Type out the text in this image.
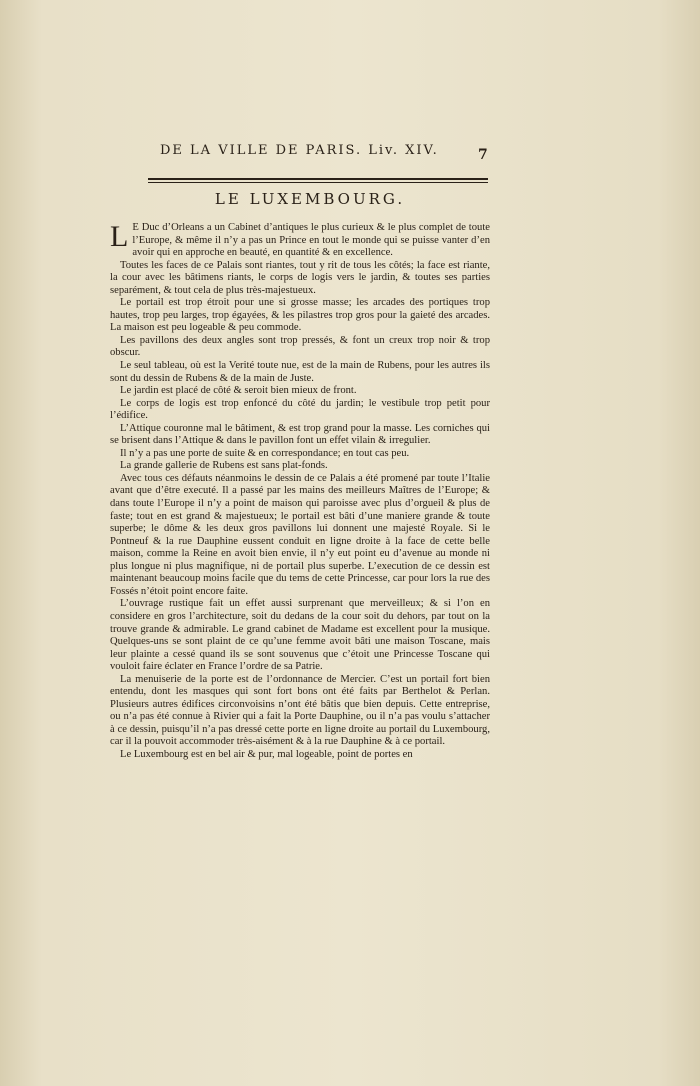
DE LA VILLE DE PARIS. Liv. XIV.	7
LE LUXEMBOURG.

L E Duc d’Orleans a un Cabinet d’antiques le plus curieux & le plus complet de toute l’Europe, & même il n’y a pas un Prince en tout le monde qui se puisse vanter d’en avoir qui en approche en beauté, en quantité & en excellence.

Toutes les faces de ce Palais sont riantes, tout y rit de tous les côtés; la face est riante, la cour avec les bâtimens riants, le corps de logis vers le jardin, & toutes ses parties separément, & tout cela de plus très-majestueux.

Le portail est trop étroit pour une si grosse masse; les arcades des portiques trop hautes, trop peu larges, trop égayées, & les pilastres trop gros pour la gaieté des arcades. La maison est peu logeable & peu commode.

Les pavillons des deux angles sont trop pressés, & font un creux trop noir & trop obscur.

Le seul tableau, où est la Verité toute nue, est de la main de Rubens, pour les autres ils sont du dessin de Rubens & de la main de Juste.

Le jardin est placé de côté & seroit bien mieux de front.

Le corps de logis est trop enfoncé du côté du jardin; le vestibule trop petit pour l’édifice.

L’Attique couronne mal le bâtiment, & est trop grand pour la masse. Les corniches qui se brisent dans l’Attique & dans le pavillon font un effet vilain & irregulier.

Il n’y a pas une porte de suite & en correspondance; en tout cas peu.

La grande gallerie de Rubens est sans plat-fonds.

Avec tous ces défauts néanmoins le dessin de ce Palais a été promené par toute l’Italie avant que d’être executé. Il a passé par les mains des meilleurs Maîtres de l’Europe; & dans toute l’Europe il n’y a point de maison qui paroisse avec plus d’orgueil & plus de faste; tout en est grand & majestueux; le portail est bâti d’une maniere grande & toute superbe; le dôme & les deux gros pavillons lui donnent une majesté Royale. Si le Pontneuf & la rue Dauphine eussent conduit en ligne droite à la face de cette belle maison, comme la Reine en avoit bien envie, il n’y eut point eu d’avenue au monde ni plus longue ni plus magnifique, ni de portail plus superbe. L’execution de ce dessin est maintenant beaucoup moins facile que du tems de cette Princesse, car pour lors la rue des Fossés n’étoit point encore faite.

L’ouvrage rustique fait un effet aussi surprenant que merveilleux; & si l’on en considere en gros l’architecture, soit du dedans de la cour soit du dehors, par tout on la trouve grande & admirable. Le grand cabinet de Madame est excellent pour la musique. Quelques-uns se sont plaint de ce qu’une femme avoit bâti une maison Toscane, mais leur plainte a cessé quand ils se sont souvenus que c’étoit une Princesse Toscane qui vouloit faire éclater en France l’ordre de sa Patrie.

La menuiserie de la porte est de l’ordonnance de Mercier. C’est un portail fort bien entendu, dont les masques qui sont fort bons ont été faits par Berthelot & Perlan. Plusieurs autres édifices circonvoisins n’ont été bâtis que bien depuis. Cette entreprise, ou n’a pas été connue à Rivier qui a fait la Porte Dauphine, ou il n’a pas voulu s’attacher à ce dessin, puisqu’il n’a pas dressé cette porte en ligne droite au portail du Luxembourg, car il la pouvoit accommoder très-aisément & à la rue Dauphine & à ce portail.

Le Luxembourg est en bel air & pur, mal logeable, point de portes en
